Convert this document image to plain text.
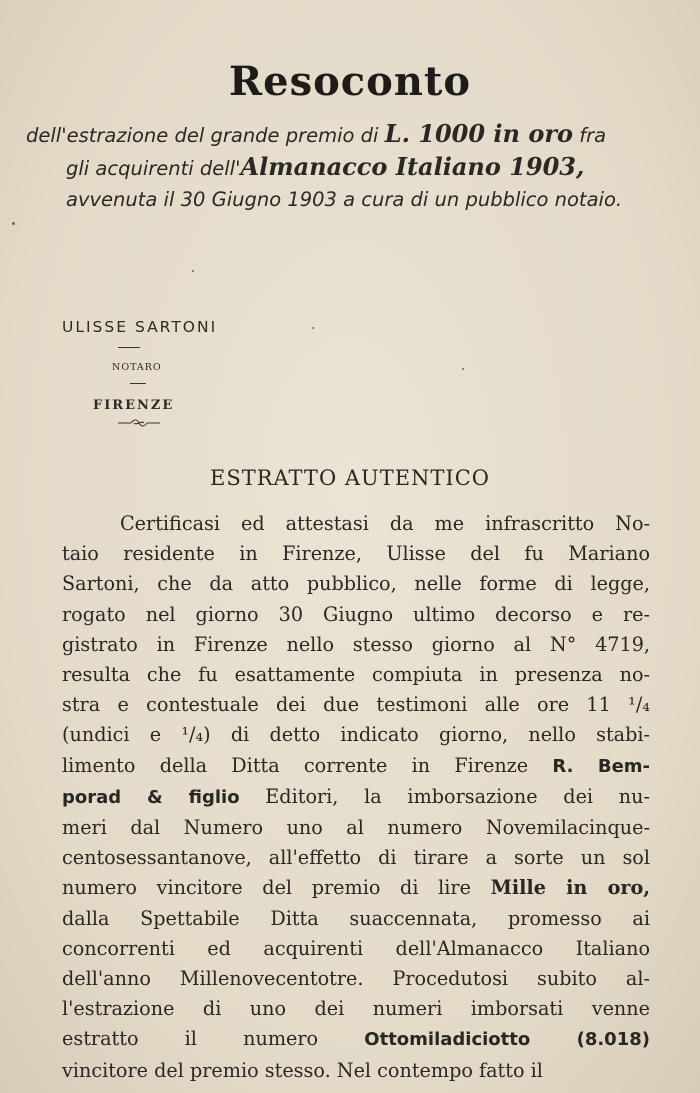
Resoconto
dell'estrazione del grande premio di L. 1000 in oro fra
gli acquirenti dell'Almanacco Italiano 1903,
avvenuta il 30 Giugno 1903 a cura di un pubblico notaio.
ULISSE SARTONI
NOTARO
FIRENZE
ESTRATTO AUTENTICO
Certificasi ed attestasi da me infrascritto No-
taio residente in Firenze, Ulisse del fu Mariano
Sartoni, che da atto pubblico, nelle forme di legge,
rogato nel giorno 30 Giugno ultimo decorso e re-
gistrato in Firenze nello stesso giorno al N° 4719,
resulta che fu esattamente compiuta in presenza no-
stra e contestuale dei due testimoni alle ore 11 ¹/₄
(undici e ¹/₄) di detto indicato giorno, nello stabi-
limento della Ditta corrente in Firenze R. Bem-
porad & figlio Editori, la imborsazione dei nu-
meri dal Numero uno al numero Novemilacinque-
centosessantanove, all'effetto di tirare a sorte un sol
numero vincitore del premio di lire Mille in oro,
dalla Spettabile Ditta suaccennata, promesso ai
concorrenti ed acquirenti dell'Almanacco Italiano
dell'anno Millenovecentotre. Procedutosi subito al-
l'estrazione di uno dei numeri imborsati venne
estratto il numero Ottomiladiciotto (8.018)
vincitore del premio stesso. Nel contempo fatto il
